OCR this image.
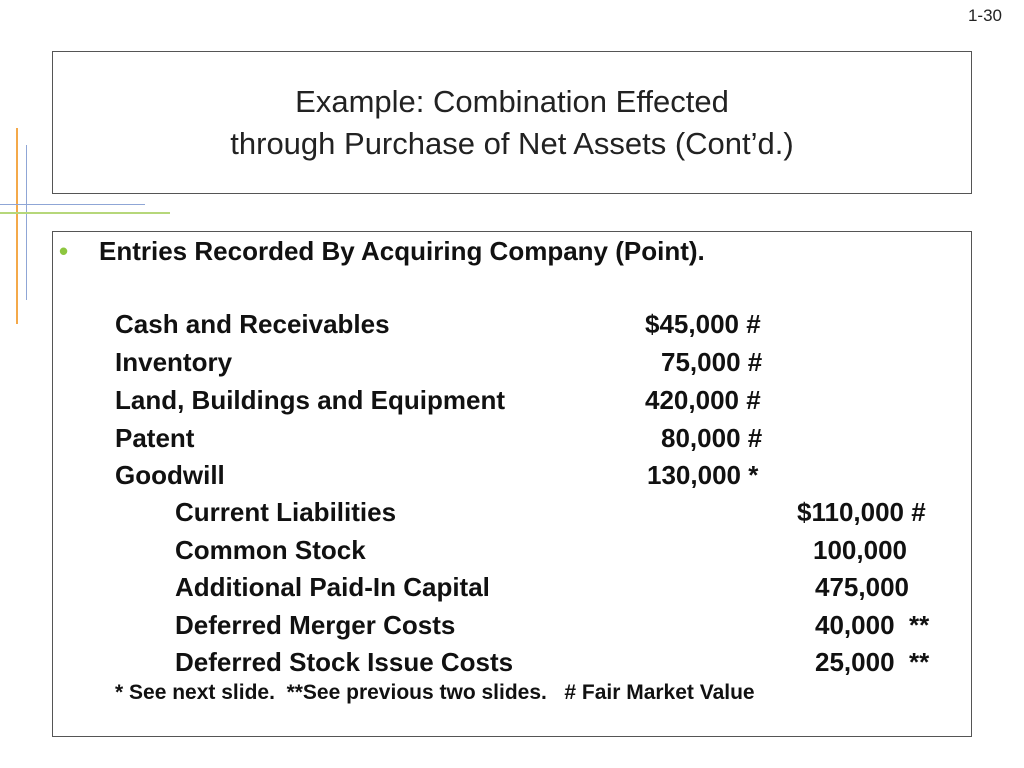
1-30
Example: Combination Effected
through Purchase of Net Assets (Cont’d.)
• Entries Recorded By Acquiring Company (Point).
Cash and Receivables	$45,000 #
Inventory	75,000 #
Land, Buildings and Equipment	420,000 #
Patent	80,000 #
Goodwill	130,000 *
Current Liabilities	$110,000 #
Common Stock	100,000
Additional Paid-In Capital	475,000
Deferred Merger Costs	40,000  **
Deferred Stock Issue Costs	25,000  **
* See next slide.  **See previous two slides.   # Fair Market Value
